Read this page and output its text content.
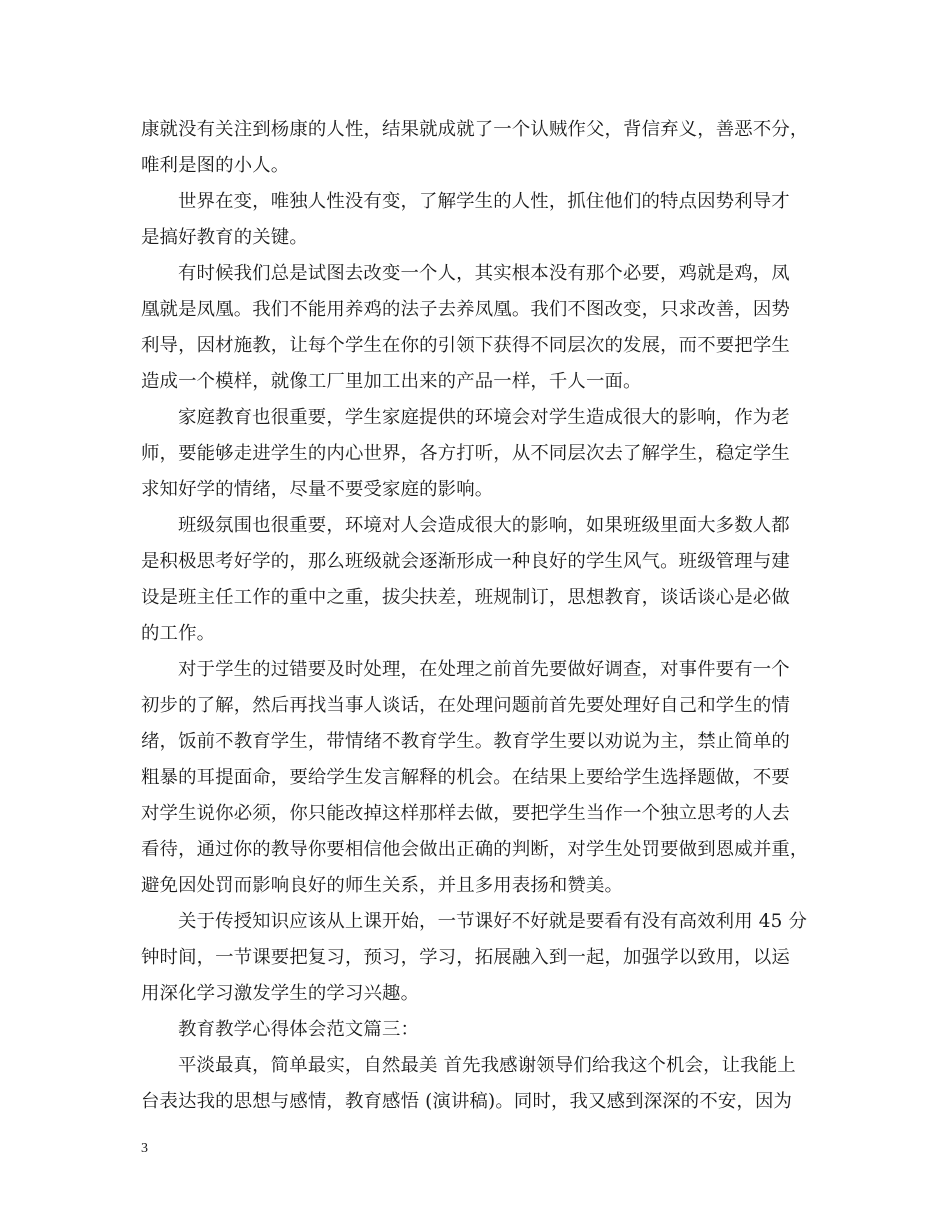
康就没有关注到杨康的人性，结果就成就了一个认贼作父，背信弃义，善恶不分，
唯利是图的小人。
世界在变，唯独人性没有变，了解学生的人性，抓住他们的特点因势利导才
是搞好教育的关键。
有时候我们总是试图去改变一个人，其实根本没有那个必要，鸡就是鸡，凤
凰就是凤凰。我们不能用养鸡的法子去养凤凰。我们不图改变，只求改善，因势
利导，因材施教，让每个学生在你的引领下获得不同层次的发展，而不要把学生
造成一个模样，就像工厂里加工出来的产品一样，千人一面。
家庭教育也很重要，学生家庭提供的环境会对学生造成很大的影响，作为老
师，要能够走进学生的内心世界，各方打听，从不同层次去了解学生，稳定学生
求知好学的情绪，尽量不要受家庭的影响。
班级氛围也很重要，环境对人会造成很大的影响，如果班级里面大多数人都
是积极思考好学的，那么班级就会逐渐形成一种良好的学生风气。班级管理与建
设是班主任工作的重中之重，拔尖扶差，班规制订，思想教育，谈话谈心是必做
的工作。
对于学生的过错要及时处理，在处理之前首先要做好调查，对事件要有一个
初步的了解，然后再找当事人谈话，在处理问题前首先要处理好自己和学生的情
绪，饭前不教育学生，带情绪不教育学生。教育学生要以劝说为主，禁止简单的
粗暴的耳提面命，要给学生发言解释的机会。在结果上要给学生选择题做，不要
对学生说你必须，你只能改掉这样那样去做，要把学生当作一个独立思考的人去
看待，通过你的教导你要相信他会做出正确的判断，对学生处罚要做到恩威并重，
避免因处罚而影响良好的师生关系，并且多用表扬和赞美。
关于传授知识应该从上课开始，一节课好不好就是要看有没有高效利用 45 分
钟时间，一节课要把复习，预习，学习，拓展融入到一起，加强学以致用，以运
用深化学习激发学生的学习兴趣。
教育教学心得体会范文篇三：
平淡最真，简单最实，自然最美 首先我感谢领导们给我这个机会，让我能上
台表达我的思想与感情，教育感悟 (演讲稿)。同时，我又感到深深的不安，因为
3
